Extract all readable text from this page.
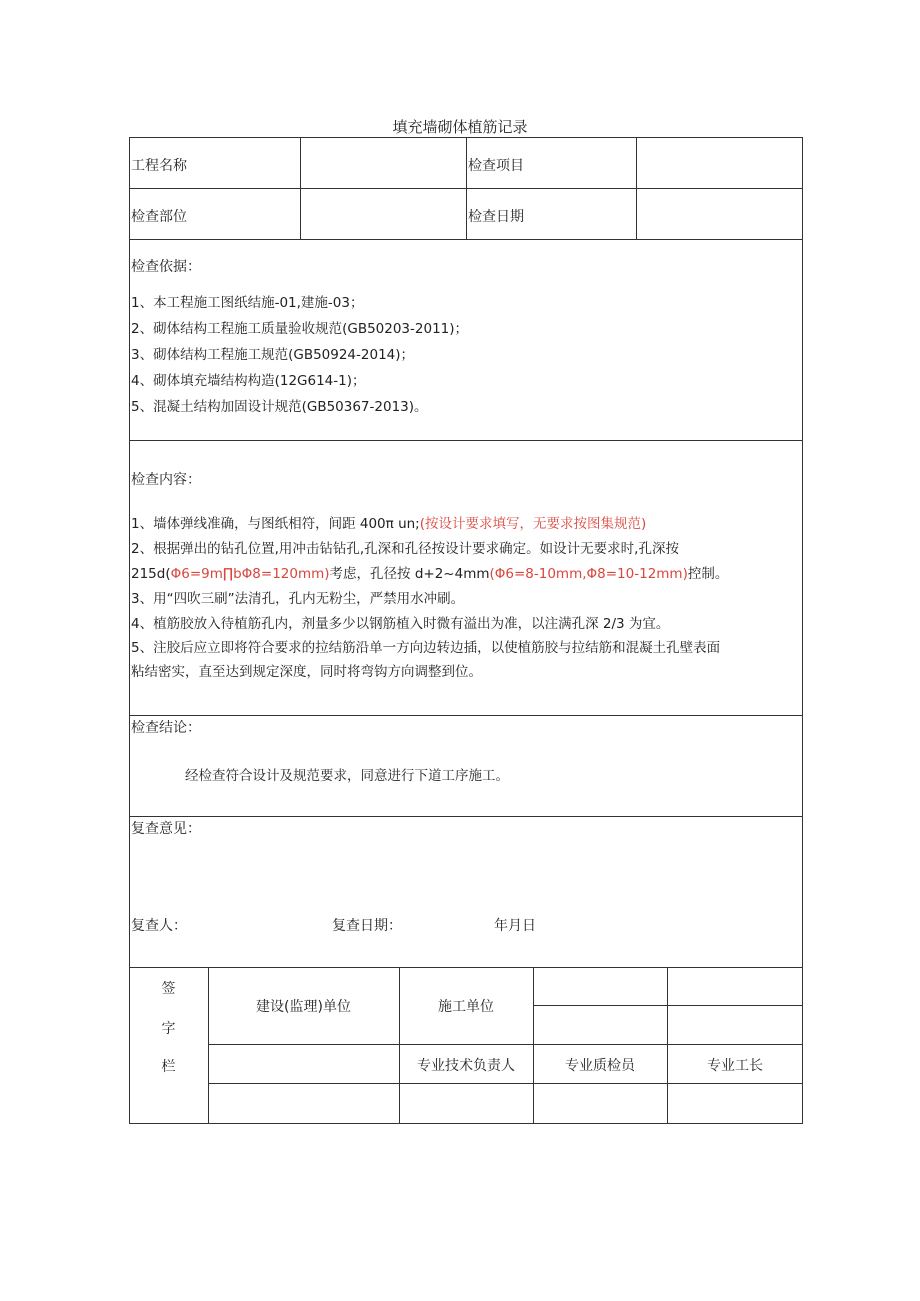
填充墙砌体植筋记录
工程名称	检查项目
检查部位	检查日期
检查依据：
1、本工程施工图纸结施-01,建施-03；
2、砌体结构工程施工质量验收规范(GB50203-2011)；
3、砌体结构工程施工规范(GB50924-2014)；
4、砌体填充墙结构构造(12G614-1)；
5、混凝土结构加固设计规范(GB50367-2013)。
检查内容：
1、墙体弹线准确，与图纸相符，间距 400π un;(按设计要求填写，无要求按图集规范)
2、根据弹出的钻孔位置,用冲击钻钻孔,孔深和孔径按设计要求确定。如设计无要求时,孔深按
215d(Φ6=9m∏bΦ8=120mm)考虑，孔径按 d+2~4mm(Φ6=8-10mm,Φ8=10-12mm)控制。
3、用“四吹三刷”法清孔，孔内无粉尘，严禁用水冲刷。
4、植筋胶放入待植筋孔内，剂量多少以钢筋植入时微有溢出为准，以注满孔深 2/3 为宜。
5、注胶后应立即将符合要求的拉结筋沿单一方向边转边插，以使植筋胶与拉结筋和混凝土孔壁表面
粘结密实，直至达到规定深度，同时将弯钩方向调整到位。
检查结论：
经检查符合设计及规范要求，同意进行下道工序施工。
复查意见：
复查人：	复查日期：	年月日
签
字
栏
建设(监理)单位	施工单位
专业技术负责人	专业质检员	专业工长
